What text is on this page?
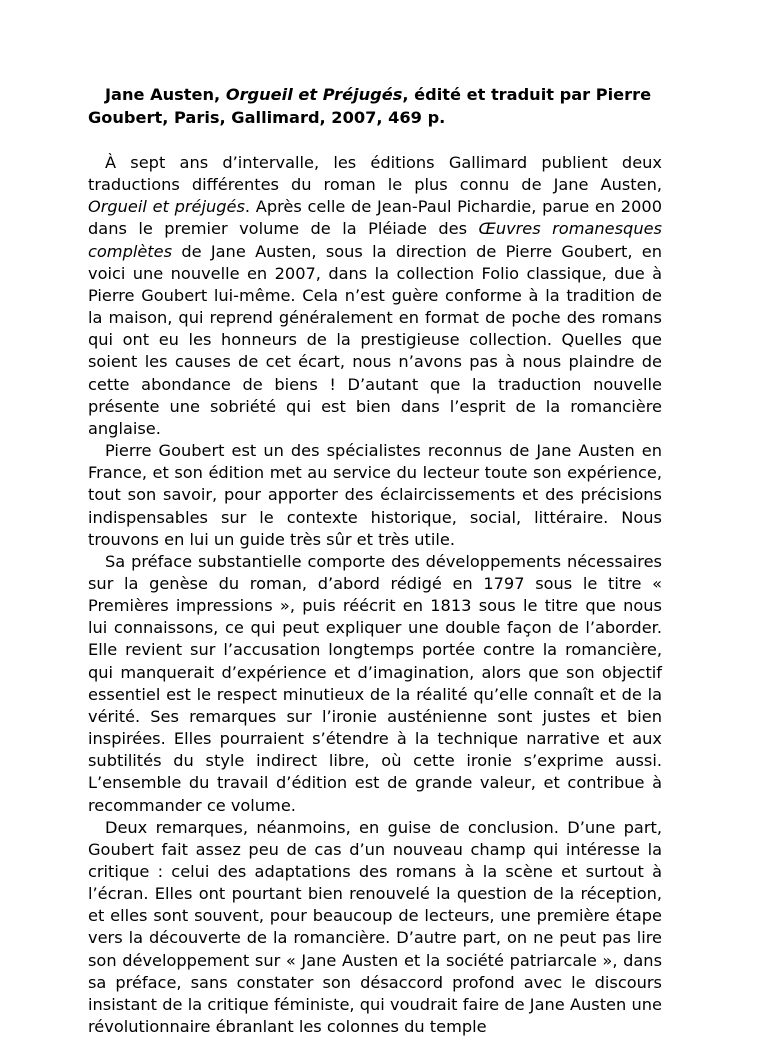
Jane Austen, Orgueil et Préjugés, édité et traduit par Pierre Goubert, Paris, Gallimard, 2007, 469 p.

À sept ans d’intervalle, les éditions Gallimard publient deux traductions différentes du roman le plus connu de Jane Austen, Orgueil et préjugés. Après celle de Jean-Paul Pichardie, parue en 2000 dans le premier volume de la Pléiade des Œuvres romanesques complètes de Jane Austen, sous la direction de Pierre Goubert, en voici une nouvelle en 2007, dans la collection Folio classique, due à Pierre Goubert lui-même. Cela n’est guère conforme à la tradition de la maison, qui reprend généralement en format de poche des romans qui ont eu les honneurs de la prestigieuse collection. Quelles que soient les causes de cet écart, nous n’avons pas à nous plaindre de cette abondance de biens ! D’autant que la traduction nouvelle présente une sobriété qui est bien dans l’esprit de la romancière anglaise.

Pierre Goubert est un des spécialistes reconnus de Jane Austen en France, et son édition met au service du lecteur toute son expérience, tout son savoir, pour apporter des éclaircissements et des précisions indispensables sur le contexte historique, social, littéraire. Nous trouvons en lui un guide très sûr et très utile.

Sa préface substantielle comporte des développements nécessaires sur la genèse du roman, d’abord rédigé en 1797 sous le titre « Premières impressions », puis réécrit en 1813 sous le titre que nous lui connaissons, ce qui peut expliquer une double façon de l’aborder. Elle revient sur l’accusation longtemps portée contre la romancière, qui manquerait d’expérience et d’imagination, alors que son objectif essentiel est le respect minutieux de la réalité qu’elle connaît et de la vérité. Ses remarques sur l’ironie austénienne sont justes et bien inspirées. Elles pourraient s’étendre à la technique narrative et aux subtilités du style indirect libre, où cette ironie s’exprime aussi. L’ensemble du travail d’édition est de grande valeur, et contribue à recommander ce volume.

Deux remarques, néanmoins, en guise de conclusion. D’une part, Goubert fait assez peu de cas d’un nouveau champ qui intéresse la critique : celui des adaptations des romans à la scène et surtout à l’écran. Elles ont pourtant bien renouvelé la question de la réception, et elles sont souvent, pour beaucoup de lecteurs, une première étape vers la découverte de la romancière. D’autre part, on ne peut pas lire son développement sur « Jane Austen et la société patriarcale », dans sa préface, sans constater son désaccord profond avec le discours insistant de la critique féministe, qui voudrait faire de Jane Austen une révolutionnaire ébranlant les colonnes du temple
